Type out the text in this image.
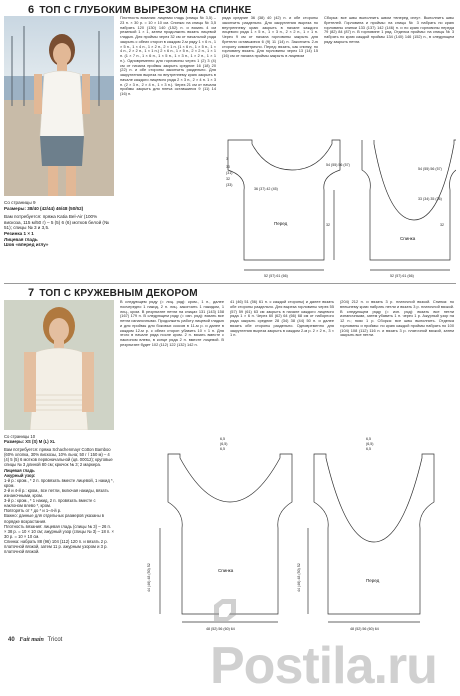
6 ТОП С ГЛУБОКИМ ВЫРЕЗОМ НА СПИНКЕ
Со страницы 9
Размеры: 38/40 (42/44) 46/48 (50/52)
Вам потребуется: пряжа Katia Bel-Air (100% вискоза, 115 м/50 г) – 5 (5) 6 (6) мотков белой (№ 51); спицы № 3 и 3,5.
Резинка 1 × 1
Лицевая гладь
Шов «вперед иглу»
Плотность вязания: лицевая гладь (спицы № 3,5) – 23 п. × 30 р. = 10 × 10 см. Спинка: на спицы № 3,5 набрать 120 (130) 140 (152) п. и вязать 4 см резинкой 1 × 1, затем продолжить вязать лицевой гладью. Для проймы через 32 см от начальной ряда закрыть с обеих сторон в каждом 2-м ряду 1 × 6 п., 1 × 5 п., 1 × 4 п., 1 × 2 п., 2 × 1 п. (1 × 6 п., 1 × 5 п., 1 × 4 п., 2 × 2 п., 1 × 1 п.) 2 × 6 п., 1 × 5 п., 2 × 2 п., 1 × 1 п. (1 × 7 п., 1 × 6 п., 1 × 5 п., 1 × 3 п., 1 × 2 п., 1 × 1 п.). Одновременно для горловины через 1 (2) 3 (4) см от начала проймы закрыть средние 16 (18) 20 (22) п. и обе стороны закончить раздельно. Для закругления выреза по внутреннему краю закрыть в начале каждого лицевого ряда 2 × 3 п., 2 × 4 п. 1 × 3 п. (2 × 3 п., 2 × 4 п., 1 × 3 п.). Через 21 см от начала проймы закрыть для плеча оставшиеся 9 (11) 14 (16) п.
ряда средние 36 (38) 40 (42) п. и обе стороны закончить раздельно. Для закругления выреза по внутреннему краю закрыть в начале каждого лицевого ряда 1 × 5 п., 1 × 3 п., 2 × 2 п., 1 × 1 п. Через 9 см от начала горловины закрыть для бретели оставшиеся 6 (9) 11 (14) п. Закончить 2-ю сторону симметрично. Перед: вязать, как спинку, но горловину вязать. Для горловины через 13 (14) 15 (16) см от начала проймы закрыть в лицевом
Сборка: все швы выполнить швом «вперед иглу». Выполнить швы бретелей. Горловина и проймы: на спицы № 3 набрать по краю горловины спинки 133 (137) 142 (146) п. и по краю горловины переда 79 (82) 84 (87) п. В горловине 1 ряд. Отделка проймы: на спицы № 3 набрать по краю каждой проймы 134 (140) 146 (152) п., в следующем ряду закрыть петли.
Перед
Спинка
52 (57) 61 (66)	52 (57) 61 (66)
36 (37) 42 (45)
3
30
(31)
32
(33)
54 (55) 56 (57)
32
54 (55) 56 (57)
33 (34) 35 (36)
32
7 ТОП С КРУЖЕВНЫМ ДЕКОРОМ
Со страницы 10
Размеры: XS (S) M (L) XL
Вам потребуется: пряжа Schachenmayr Cotton Bamboo (60% хлопка, 30% вискозы, 10% льна; 50 г / 150 м) – 4 (4) 5 (5) 6 мотков первоначальной (цв. 00012); круговые спицы № 3 длиной 80 см; крючок № 3; 2 маркера.
Лицевая гладь
Ажурный узор:
1-й р.: кром., * 2 п. провязать вместе лицевой, 1 накид *, кром.
2-й и 4-й р.: кром., все петли, включая накиды, вязать изнаночными, кром.
3-й р.: кром., * 1 накид, 2 п. провязать вместе с наклоном влево *, кром.
Повторять от * до * и 1–4-й р.
Важно: данные для отдельных размеров указаны в порядке возрастания.
Плотность вязания: лицевая гладь (спицы № 3) – 26 п. × 38 р. = 10 × 10 см; ажурный узор (спицы № 3) – 18 п. × 30 р. = 10 × 10 см.
Спинка: набрать 88 (96) 104 (112) 120 п. и вязать 2 р. платочной вязкой, затем 11 р. ажурным узором и 3 р. платочной вязкой.
В следующем ряду (= лиц. ряд): кром., 1 п., далее поочередно 1 накид, 2 п. лиц. закончить 1 накидом, 1 лиц., кром. В результате петли на спицах 131 (143) 158 (167) 179 п. В следующем ряду (= изн. ряд): вязать все петли изнаночными. Продолжить работу лицевой гладью и для проймы для боковых скосов в 11-м р. и далее в каждом 12-м р. с обеих сторон убавить 10 × 1 п. Для этого в начале ряда после кром. 2 п. вязать вместе с наклоном влево, в конце ряда 2 п. вместе лицевой. В результате будет 102 (112) 122 (132) 142 п.
41 (46) 51 (56) 61 п. с каждой стороны) и далее вязать обе стороны раздельно. Для выреза горловины через 55 (57) 59 (61) 63 см закрыть в начале каждого лицевого ряда 1 × 6 п. Через 60 (62) 64 (66) 68 см от наборного ряда закрыть средние 28 (34) 38 (44) 50 п. и далее вязать обе стороны раздельно. Одновременно для закругления выреза закрыть в каждом 2-м р. 2 × 2 п., 3 × 1 п.
(204) 212 п. и вязать 3 р. платочной вязкой. Спинка: по внешнему краю набрать петли и вязать 3 р. платочной вязкой. В следующем ряду (= изн. ряд): вязать все петли изнаночными, затем убавить 1 п. через 1 р. Ажурный узор на 12 п.; пояс 1 р. Сборка: все швы выполнить. Отделка горловины и проймы: по краю каждой проймы набрать по 100 (104) 108 (112) 116 п. и вязать 3 р. платочной вязкой, затем закрыть все петли.
Спинка
Перед
48 (52) 56 (60) 64	48 (52) 56 (60) 64
44 (46) 48 (50) 52	44 (46) 48 (50) 52
6,5
(6,5)
6,5
6,5
(6,5)
6,5
Postila.ru
40 Fait main Tricot
